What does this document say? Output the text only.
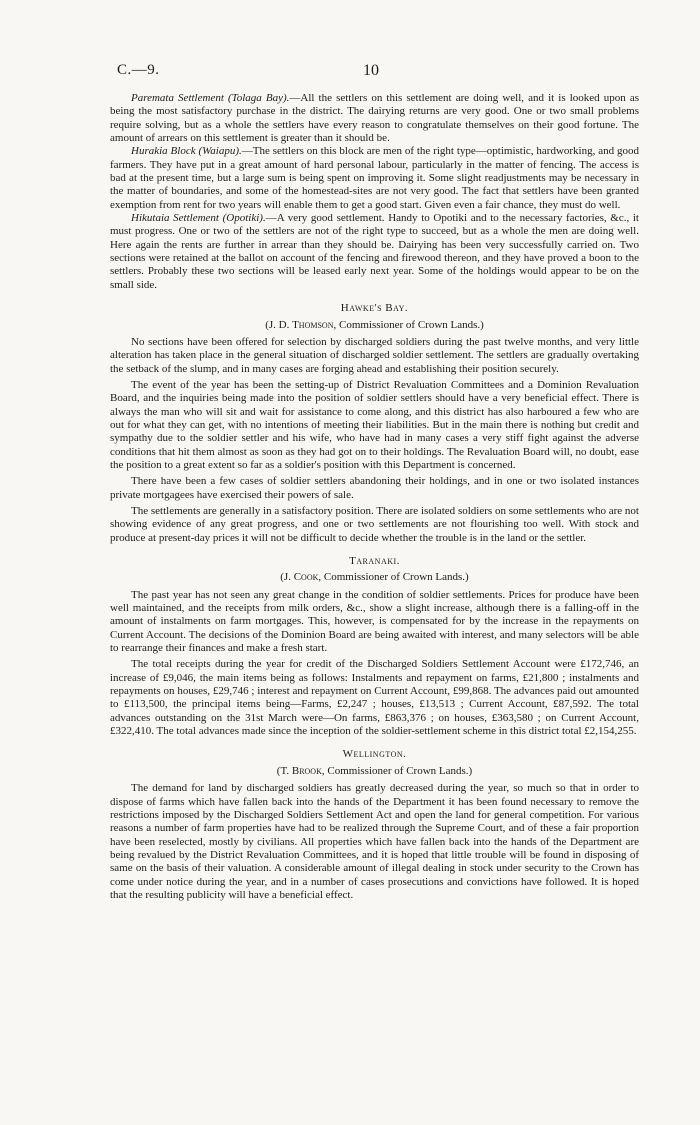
C.—9.	10

Paremata Settlement (Tolaga Bay).—All the settlers on this settlement are doing well, and it is looked upon as being the most satisfactory purchase in the district. The dairying returns are very good. One or two small problems require solving, but as a whole the settlers have every reason to congratulate themselves on their good fortune. The amount of arrears on this settlement is greater than it should be.

Hurakia Block (Waiapu).—The settlers on this block are men of the right type—optimistic, hardworking, and good farmers. They have put in a great amount of hard personal labour, particularly in the matter of fencing. The access is bad at the present time, but a large sum is being spent on improving it. Some slight readjustments may be necessary in the matter of boundaries, and some of the homestead-sites are not very good. The fact that settlers have been granted exemption from rent for two years will enable them to get a good start. Given even a fair chance, they must do well.

Hikutaia Settlement (Opotiki).—A very good settlement. Handy to Opotiki and to the necessary factories, &c., it must progress. One or two of the settlers are not of the right type to succeed, but as a whole the men are doing well. Here again the rents are further in arrear than they should be. Dairying has been very successfully carried on. Two sections were retained at the ballot on account of the fencing and firewood thereon, and they have proved a boon to the settlers. Probably these two sections will be leased early next year. Some of the holdings would appear to be on the small side.

Hawke's Bay.

(J. D. Thomson, Commissioner of Crown Lands.)

No sections have been offered for selection by discharged soldiers during the past twelve months, and very little alteration has taken place in the general situation of discharged soldier settlement. The settlers are gradually overtaking the setback of the slump, and in many cases are forging ahead and establishing their position securely.

The event of the year has been the setting-up of District Revaluation Committees and a Dominion Revaluation Board, and the inquiries being made into the position of soldier settlers should have a very beneficial effect. There is always the man who will sit and wait for assistance to come along, and this district has also harboured a few who are out for what they can get, with no intentions of meeting their liabilities. But in the main there is nothing but credit and sympathy due to the soldier settler and his wife, who have had in many cases a very stiff fight against the adverse conditions that hit them almost as soon as they had got on to their holdings. The Revaluation Board will, no doubt, ease the position to a great extent so far as a soldier's position with this Department is concerned.

There have been a few cases of soldier settlers abandoning their holdings, and in one or two isolated instances private mortgagees have exercised their powers of sale.

The settlements are generally in a satisfactory position. There are isolated soldiers on some settlements who are not showing evidence of any great progress, and one or two settlements are not flourishing too well. With stock and produce at present-day prices it will not be difficult to decide whether the trouble is in the land or the settler.

Taranaki.

(J. Cook, Commissioner of Crown Lands.)

The past year has not seen any great change in the condition of soldier settlements. Prices for produce have been well maintained, and the receipts from milk orders, &c., show a slight increase, although there is a falling-off in the amount of instalments on farm mortgages. This, however, is compensated for by the increase in the repayments on Current Account. The decisions of the Dominion Board are being awaited with interest, and many selectors will be able to rearrange their finances and make a fresh start.

The total receipts during the year for credit of the Discharged Soldiers Settlement Account were £172,746, an increase of £9,046, the main items being as follows: Instalments and repayment on farms, £21,800 ; instalments and repayments on houses, £29,746 ; interest and repayment on Current Account, £99,868. The advances paid out amounted to £113,500, the principal items being—Farms, £2,247 ; houses, £13,513 ; Current Account, £87,592. The total advances outstanding on the 31st March were—On farms, £863,376 ; on houses, £363,580 ; on Current Account, £322,410. The total advances made since the inception of the soldier-settlement scheme in this district total £2,154,255.

Wellington.

(T. Brook, Commissioner of Crown Lands.)

The demand for land by discharged soldiers has greatly decreased during the year, so much so that in order to dispose of farms which have fallen back into the hands of the Department it has been found necessary to remove the restrictions imposed by the Discharged Soldiers Settlement Act and open the land for general competition. For various reasons a number of farm properties have had to be realized through the Supreme Court, and of these a fair proportion have been reselected, mostly by civilians. All properties which have fallen back into the hands of the Department are being revalued by the District Revaluation Committees, and it is hoped that little trouble will be found in disposing of same on the basis of their valuation. A considerable amount of illegal dealing in stock under security to the Crown has come under notice during the year, and in a number of cases prosecutions and convictions have followed. It is hoped that the resulting publicity will have a beneficial effect.
